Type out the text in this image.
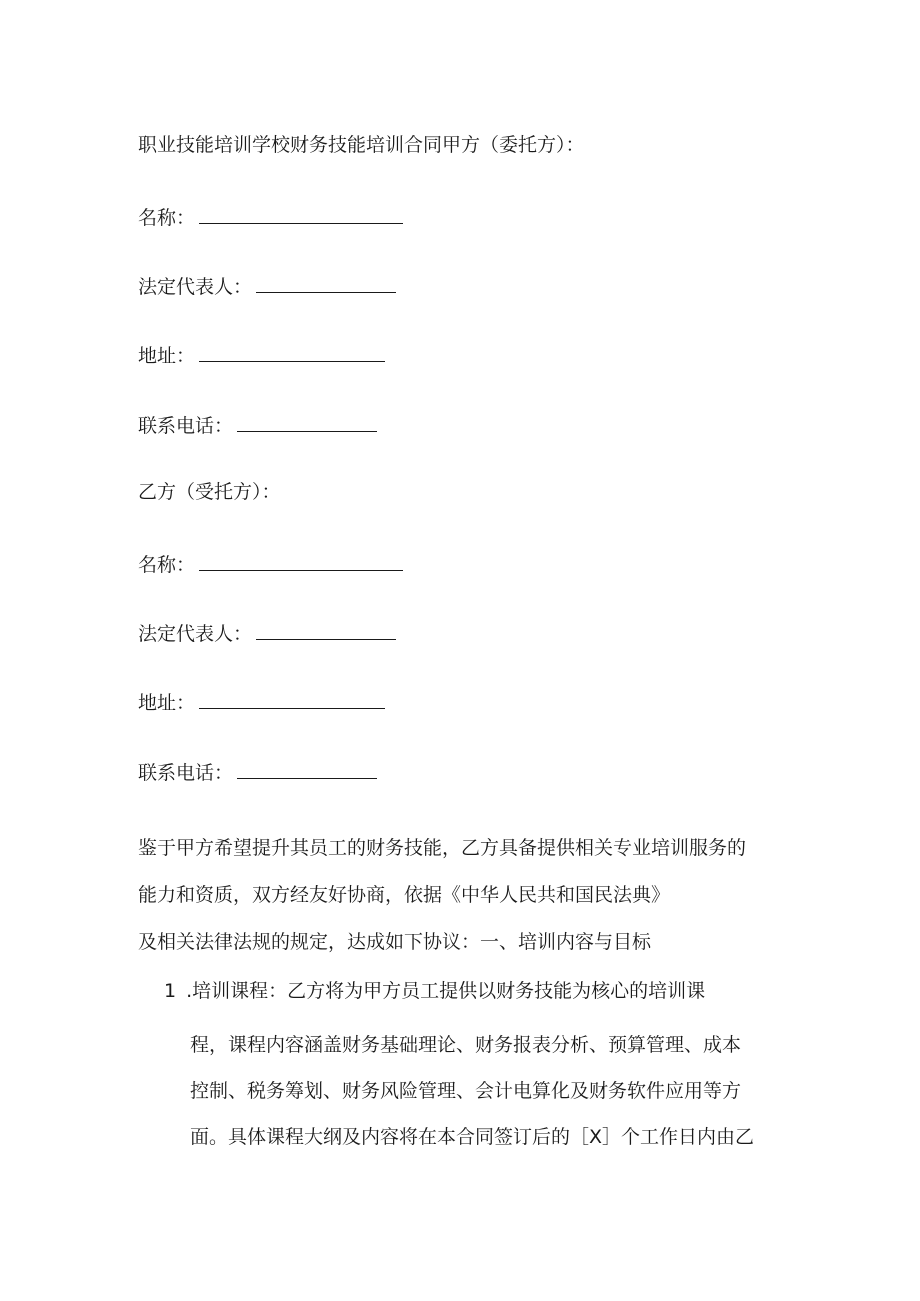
职业技能培训学校财务技能培训合同甲方（委托方）：
名称：
法定代表人：
地址：
联系电话：
乙方（受托方）：
名称：
法定代表人：
地址：
联系电话：
鉴于甲方希望提升其员工的财务技能，乙方具备提供相关专业培训服务的
能力和资质，双方经友好协商，依据《中华人民共和国民法典》
及相关法律法规的规定，达成如下协议：一、培训内容与目标
1 .培训课程：乙方将为甲方员工提供以财务技能为核心的培训课
程，课程内容涵盖财务基础理论、财务报表分析、预算管理、成本
控制、税务筹划、财务风险管理、会计电算化及财务软件应用等方
面。具体课程大纲及内容将在本合同签订后的［X］个工作日内由乙
